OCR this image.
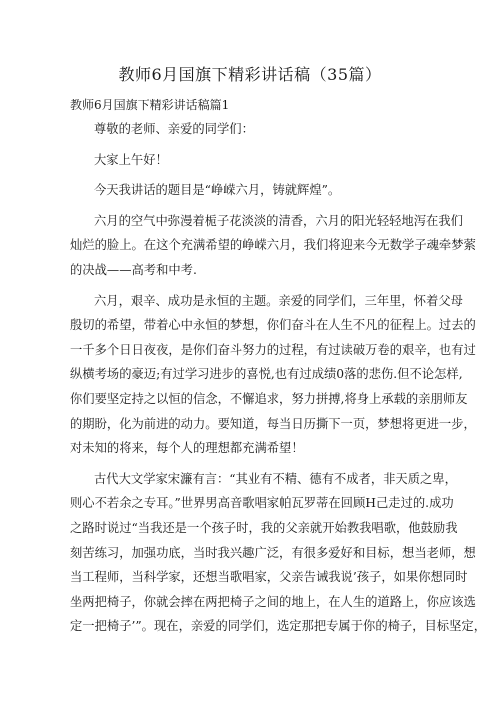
教师6月国旗下精彩讲话稿（35篇）
教师6月国旗下精彩讲话稿篇1
尊敬的老师、亲爱的同学们：
大家上午好！
今天我讲话的题目是“峥嵘六月，铸就辉煌”。
六月的空气中弥漫着栀子花淡淡的清香，六月的阳光轻轻地泻在我们
灿烂的脸上。在这个充满希望的峥嵘六月，我们将迎来今无数学子魂牵梦萦
的决战——高考和中考.
六月，艰辛、成功是永恒的主题。亲爱的同学们，三年里，怀着父母
殷切的希望，带着心中永恒的梦想，你们奋斗在人生不凡的征程上。过去的
一千多个日日夜夜，是你们奋斗努力的过程，有过读破万卷的艰辛，也有过
纵横考场的豪迈;有过学习进步的喜悦,也有过成绩0落的悲伤.但不论怎样,
你们要坚定持之以恒的信念，不懈追求，努力拼搏,将身上承载的亲朋师友
的期盼，化为前进的动力。要知道，每当日历撕下一页，梦想将更进一步，
对未知的将来，每个人的理想都充满希望！
古代大文学家宋濂有言：“其业有不精、德有不成者，非天质之卑，
则心不若余之专耳。”世界男高音歌唱家帕瓦罗蒂在回顾H己走过的.成功
之路时说过“当我还是一个孩子时，我的父亲就开始教我唱歌，他鼓励我
刻苦练习，加强功底，当时我兴趣广泛，有很多爱好和目标，想当老师，想
当工程师，当科学家，还想当歌唱家，父亲告诫我说’孩子，如果你想同时
坐两把椅子，你就会摔在两把椅子之间的地上，在人生的道路上，你应该选
定一把椅子’”。现在，亲爱的同学们，选定那把专属于你的椅子，目标坚定，
